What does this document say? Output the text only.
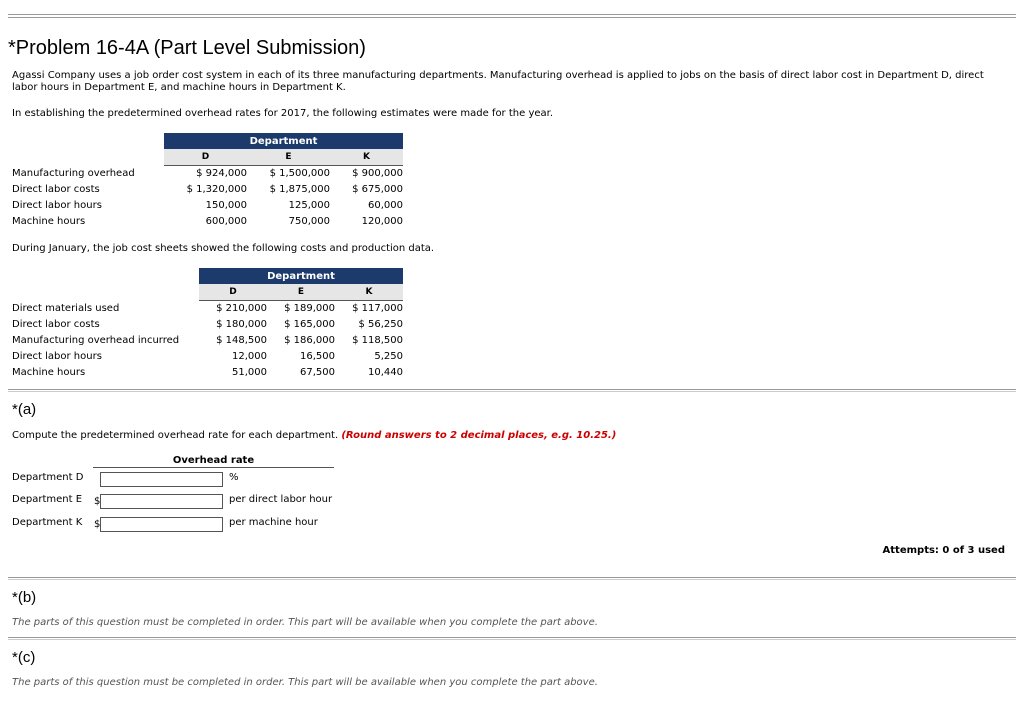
*Problem 16-4A (Part Level Submission)
Agassi Company uses a job order cost system in each of its three manufacturing departments. Manufacturing overhead is applied to jobs on the basis of direct labor cost in Department D, direct labor hours in Department E, and machine hours in Department K.
In establishing the predetermined overhead rates for 2017, the following estimates were made for the year.
	Department		
	D	E	K
Manufacturing overhead	$ 924,000	$ 1,500,000	$ 900,000
Direct labor costs	$ 1,320,000	$ 1,875,000	$ 675,000
Direct labor hours	150,000	125,000	60,000
Machine hours	600,000	750,000	120,000
During January, the job cost sheets showed the following costs and production data.
	Department		
	D	E	K
Direct materials used	$ 210,000	$ 189,000	$ 117,000
Direct labor costs	$ 180,000	$ 165,000	$ 56,250
Manufacturing overhead incurred	$ 148,500	$ 186,000	$ 118,500
Direct labor hours	12,000	16,500	5,250
Machine hours	51,000	67,500	10,440
*(a)
Compute the predetermined overhead rate for each department. (Round answers to 2 decimal places, e.g. 10.25.)
Overhead rate
Department D	%
Department E $	per direct labor hour
Department K $	per machine hour
Attempts: 0 of 3 used
*(b)
The parts of this question must be completed in order. This part will be available when you complete the part above.
*(c)
The parts of this question must be completed in order. This part will be available when you complete the part above.
